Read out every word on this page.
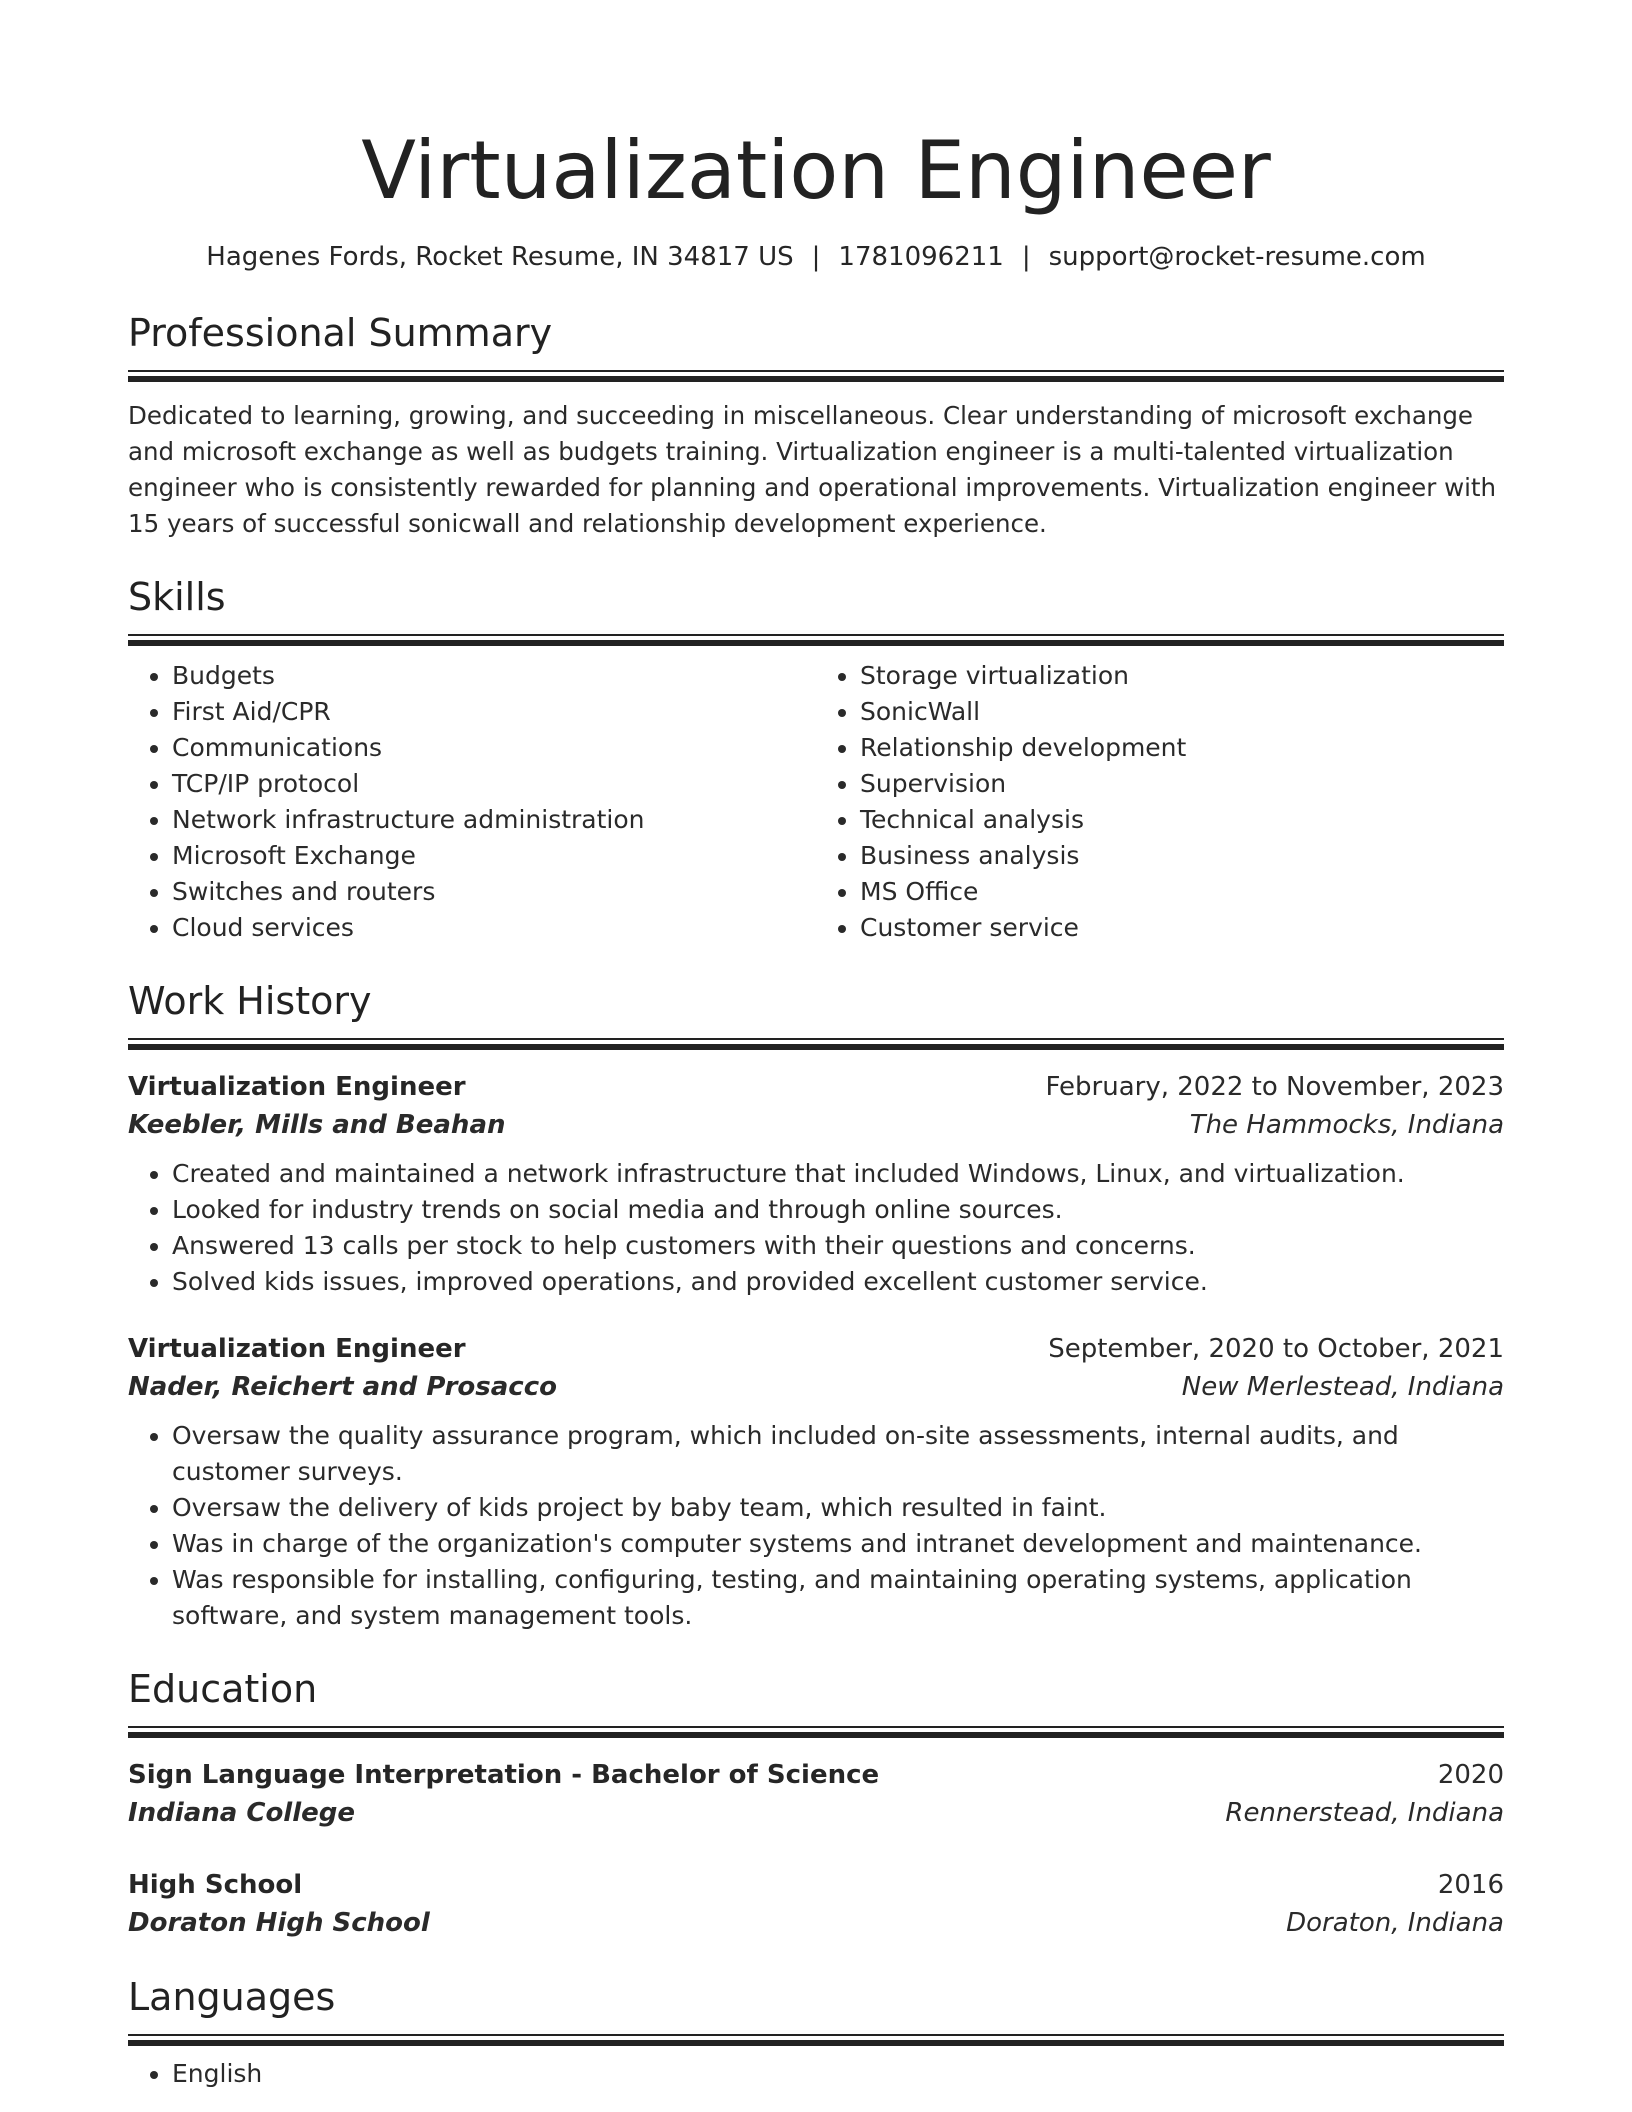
Virtualization Engineer
Hagenes Fords, Rocket Resume, IN 34817 US | 1781096211 | support@rocket-resume.com
Professional Summary
Dedicated to learning, growing, and succeeding in miscellaneous. Clear understanding of microsoft exchange and microsoft exchange as well as budgets training. Virtualization engineer is a multi-talented virtualization engineer who is consistently rewarded for planning and operational improvements. Virtualization engineer with 15 years of successful sonicwall and relationship development experience.
Skills
• Budgets
• First Aid/CPR
• Communications
• TCP/IP protocol
• Network infrastructure administration
• Microsoft Exchange
• Switches and routers
• Cloud services
• Storage virtualization
• SonicWall
• Relationship development
• Supervision
• Technical analysis
• Business analysis
• MS Office
• Customer service
Work History
Virtualization Engineer	February, 2022 to November, 2023
Keebler, Mills and Beahan	The Hammocks, Indiana
• Created and maintained a network infrastructure that included Windows, Linux, and virtualization.
• Looked for industry trends on social media and through online sources.
• Answered 13 calls per stock to help customers with their questions and concerns.
• Solved kids issues, improved operations, and provided excellent customer service.
Virtualization Engineer	September, 2020 to October, 2021
Nader, Reichert and Prosacco	New Merlestead, Indiana
• Oversaw the quality assurance program, which included on-site assessments, internal audits, and customer surveys.
• Oversaw the delivery of kids project by baby team, which resulted in faint.
• Was in charge of the organization's computer systems and intranet development and maintenance.
• Was responsible for installing, configuring, testing, and maintaining operating systems, application software, and system management tools.
Education
Sign Language Interpretation - Bachelor of Science	2020
Indiana College	Rennerstead, Indiana
High School	2016
Doraton High School	Doraton, Indiana
Languages
• English
